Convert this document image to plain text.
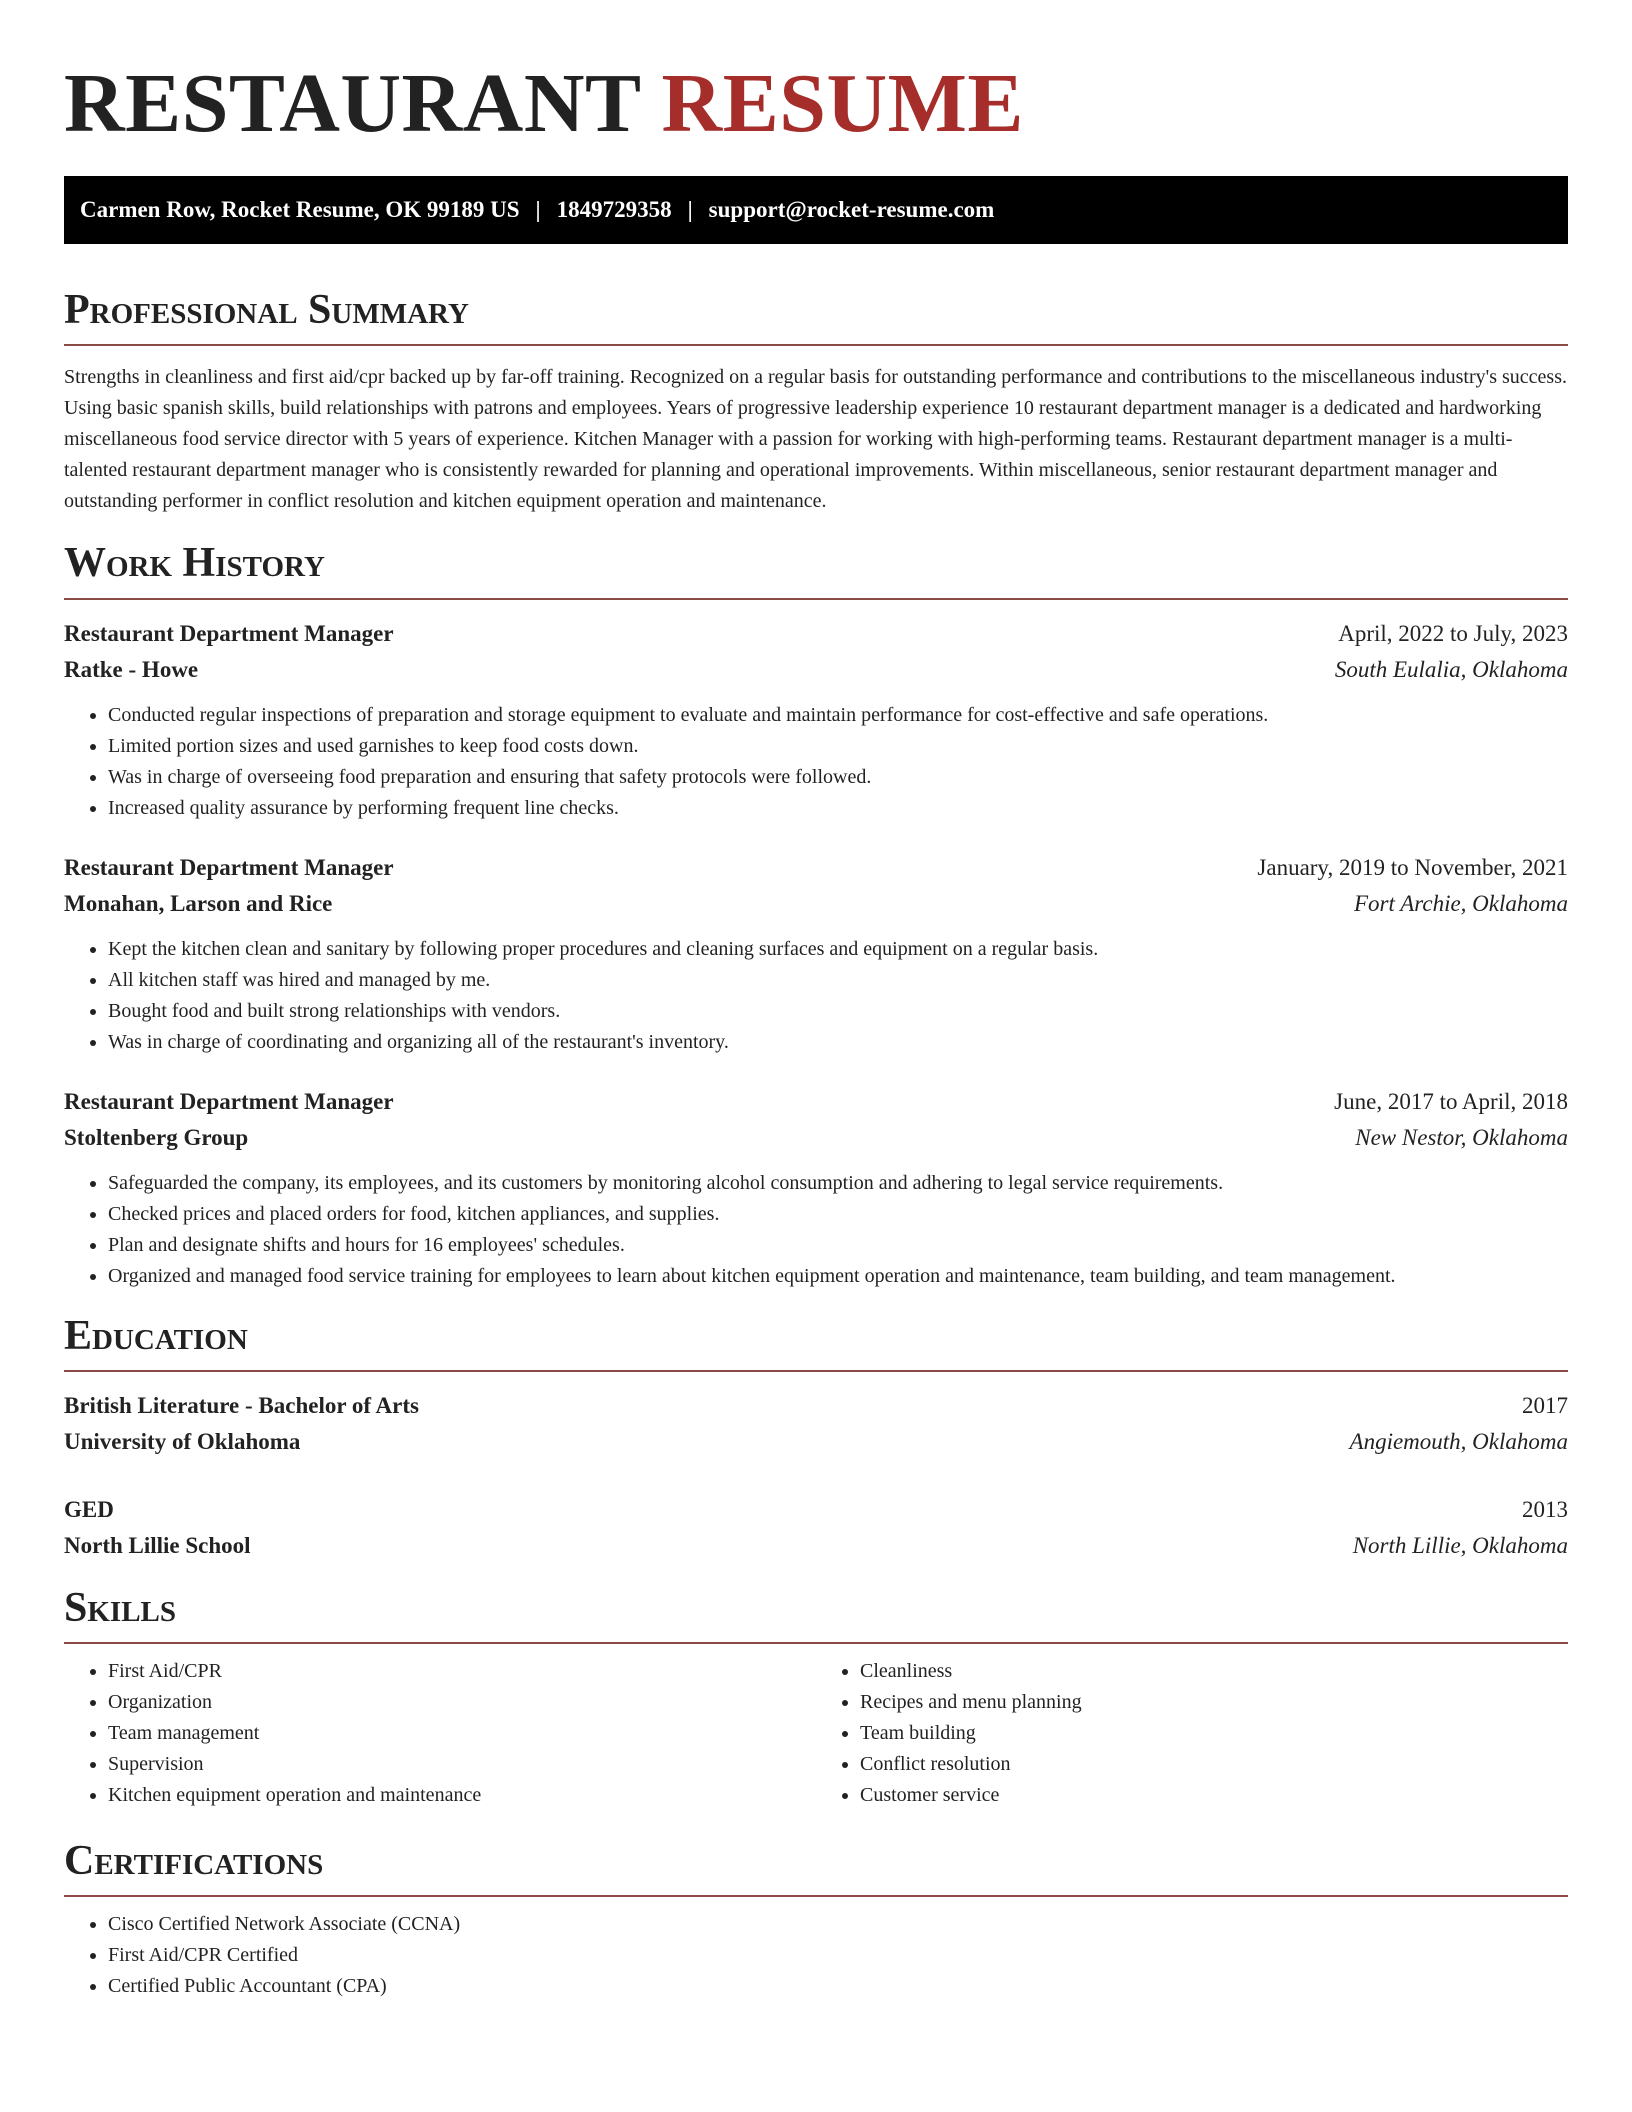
RESTAURANT RESUME
Carmen Row, Rocket Resume, OK 99189 US | 1849729358 | support@rocket-resume.com
Professional Summary

Strengths in cleanliness and first aid/cpr backed up by far-off training. Recognized on a regular basis for outstanding performance and contributions to the miscellaneous industry's success. Using basic spanish skills, build relationships with patrons and employees. Years of progressive leadership experience 10 restaurant department manager is a dedicated and hardworking miscellaneous food service director with 5 years of experience. Kitchen Manager with a passion for working with high-performing teams. Restaurant department manager is a multi-talented restaurant department manager who is consistently rewarded for planning and operational improvements. Within miscellaneous, senior restaurant department manager and outstanding performer in conflict resolution and kitchen equipment operation and maintenance.

Work History
Restaurant Department Manager	April, 2022 to July, 2023
Ratke - Howe	South Eulalia, Oklahoma
• Conducted regular inspections of preparation and storage equipment to evaluate and maintain performance for cost-effective and safe operations.
• Limited portion sizes and used garnishes to keep food costs down.
• Was in charge of overseeing food preparation and ensuring that safety protocols were followed.
• Increased quality assurance by performing frequent line checks.
Restaurant Department Manager	January, 2019 to November, 2021
Monahan, Larson and Rice	Fort Archie, Oklahoma
• Kept the kitchen clean and sanitary by following proper procedures and cleaning surfaces and equipment on a regular basis.
• All kitchen staff was hired and managed by me.
• Bought food and built strong relationships with vendors.
• Was in charge of coordinating and organizing all of the restaurant's inventory.
Restaurant Department Manager	June, 2017 to April, 2018
Stoltenberg Group	New Nestor, Oklahoma
• Safeguarded the company, its employees, and its customers by monitoring alcohol consumption and adhering to legal service requirements.
• Checked prices and placed orders for food, kitchen appliances, and supplies.
• Plan and designate shifts and hours for 16 employees' schedules.
• Organized and managed food service training for employees to learn about kitchen equipment operation and maintenance, team building, and team management.
Education
British Literature - Bachelor of Arts	2017
University of Oklahoma	Angiemouth, Oklahoma
GED	2013
North Lillie School	North Lillie, Oklahoma
Skills
• First Aid/CPR
• Organization
• Team management
• Supervision
• Kitchen equipment operation and maintenance
• Cleanliness
• Recipes and menu planning
• Team building
• Conflict resolution
• Customer service
Certifications
• Cisco Certified Network Associate (CCNA)
• First Aid/CPR Certified
• Certified Public Accountant (CPA)
